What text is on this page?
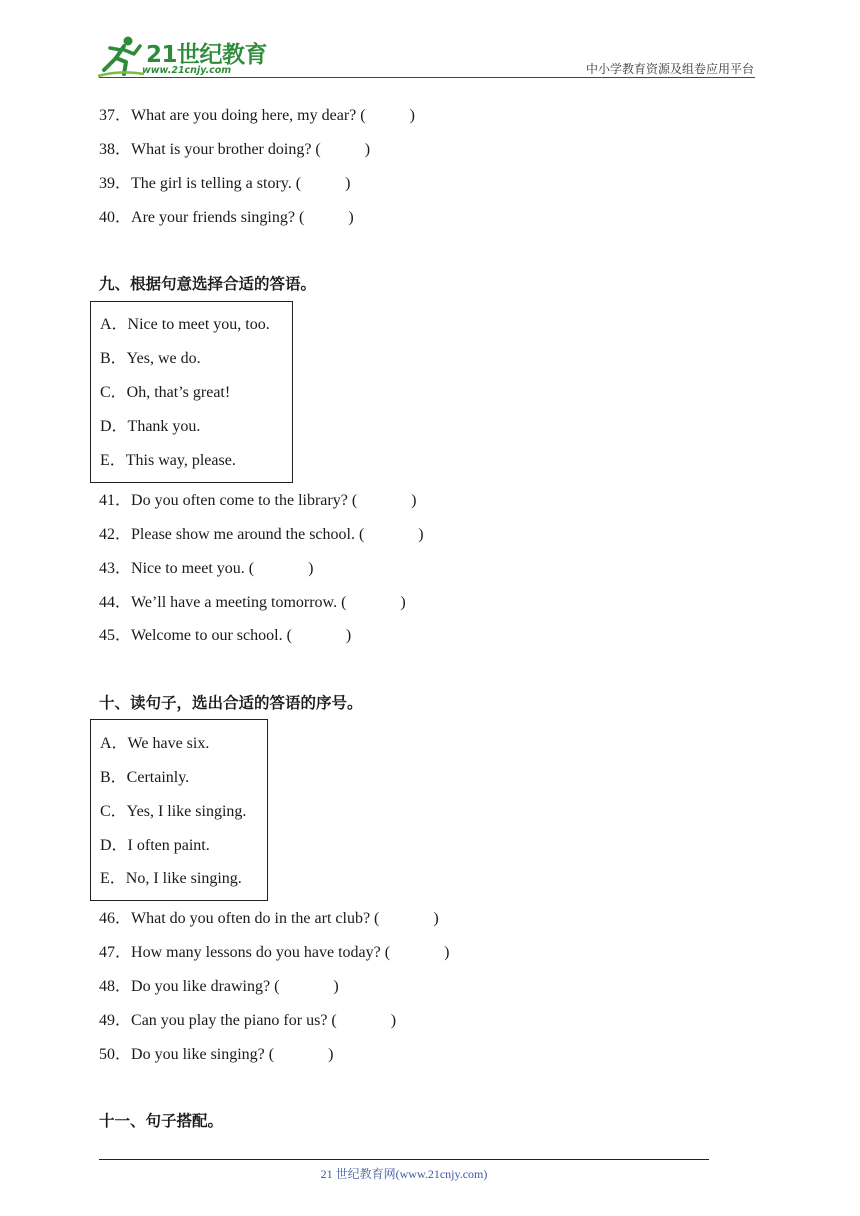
21世纪教育
www.21cnjy.com	中小学教育资源及组卷应用平台
37．What are you doing here, my dear? (	)
38．What is your brother doing? (	)
39．The girl is telling a story. (	)
40．Are your friends singing? (	)
九、根据句意选择合适的答语。
A．Nice to meet you, too.
B．Yes, we do.
C．Oh, that’s great!
D．Thank you.
E．This way, please.
41．Do you often come to the library? (	)
42．Please show me around the school. (	)
43．Nice to meet you. (	)
44．We’ll have a meeting tomorrow. (	)
45．Welcome to our school. (	)
十、读句子，选出合适的答语的序号。
A．We have six.
B．Certainly.
C．Yes, I like singing.
D．I often paint.
E．No, I like singing.
46．What do you often do in the art club? (	)
47．How many lessons do you have today? (	)
48．Do you like drawing? (	)
49．Can you play the piano for us? (	)
50．Do you like singing? (	)
十一、句子搭配。
21 世纪教育网(www.21cnjy.com)
